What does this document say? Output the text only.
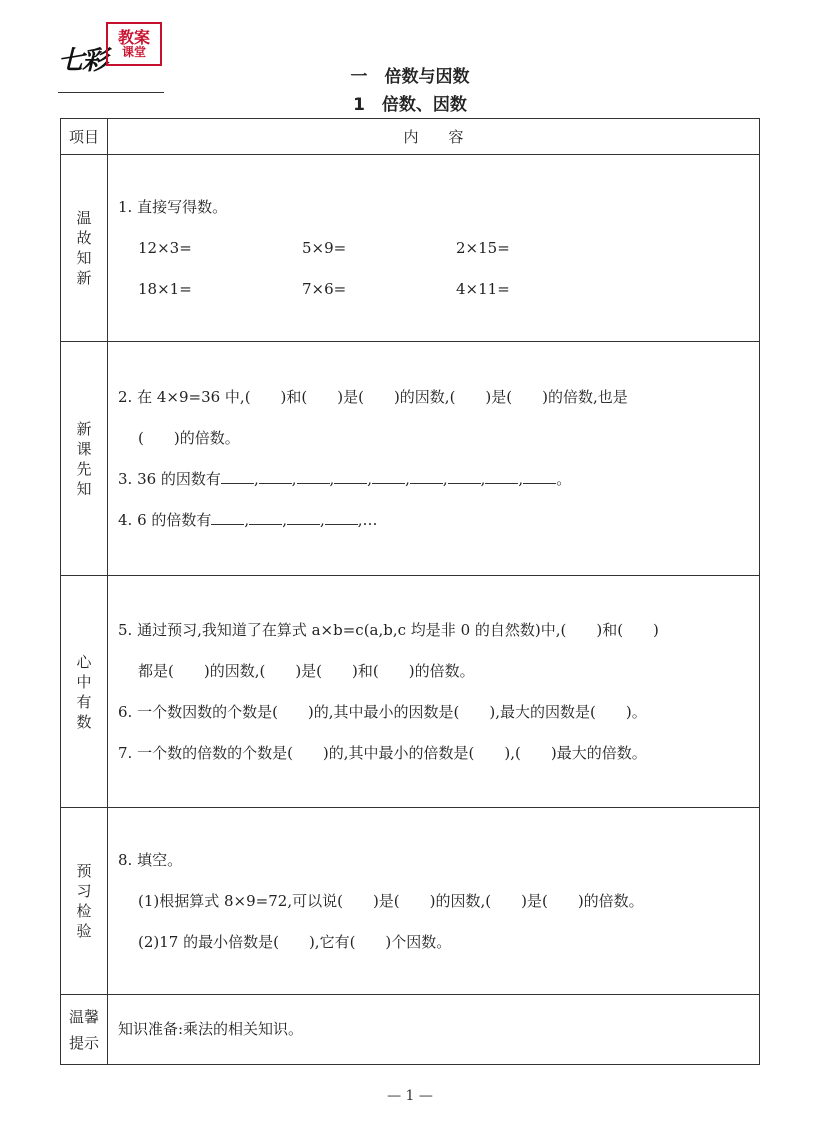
七彩
教案
课堂
一　倍数与因数
1　倍数、因数
项目	内　　容
温故知新	1. 直接写得数。
12×3= 5×9= 2×15=
18×1= 7×6= 4×11=

新课先知	2. 在 4×9=36 中,(　　)和(　　)是(　　)的因数,(　　)是(　　)的倍数,也是
(　　)的倍数。
3. 36 的因数有 , , , , , , , , 。
4. 6 的倍数有 , , , ,…

心中有数	5. 通过预习,我知道了在算式 a×b=c(a,b,c 均是非 0 的自然数)中,(　　)和(　　)
都是(　　)的因数,(　　)是(　　)和(　　)的倍数。
6. 一个数因数的个数是(　　)的,其中最小的因数是(　　),最大的因数是(　　)。
7. 一个数的倍数的个数是(　　)的,其中最小的倍数是(　　),(　　)最大的倍数。

预习检验	8. 填空。
(1)根据算式 8×9=72,可以说(　　)是(　　)的因数,(　　)是(　　)的倍数。
(2)17 的最小倍数是(　　),它有(　　)个因数。

温馨提示	知识准备:乘法的相关知识。
— 1 —
